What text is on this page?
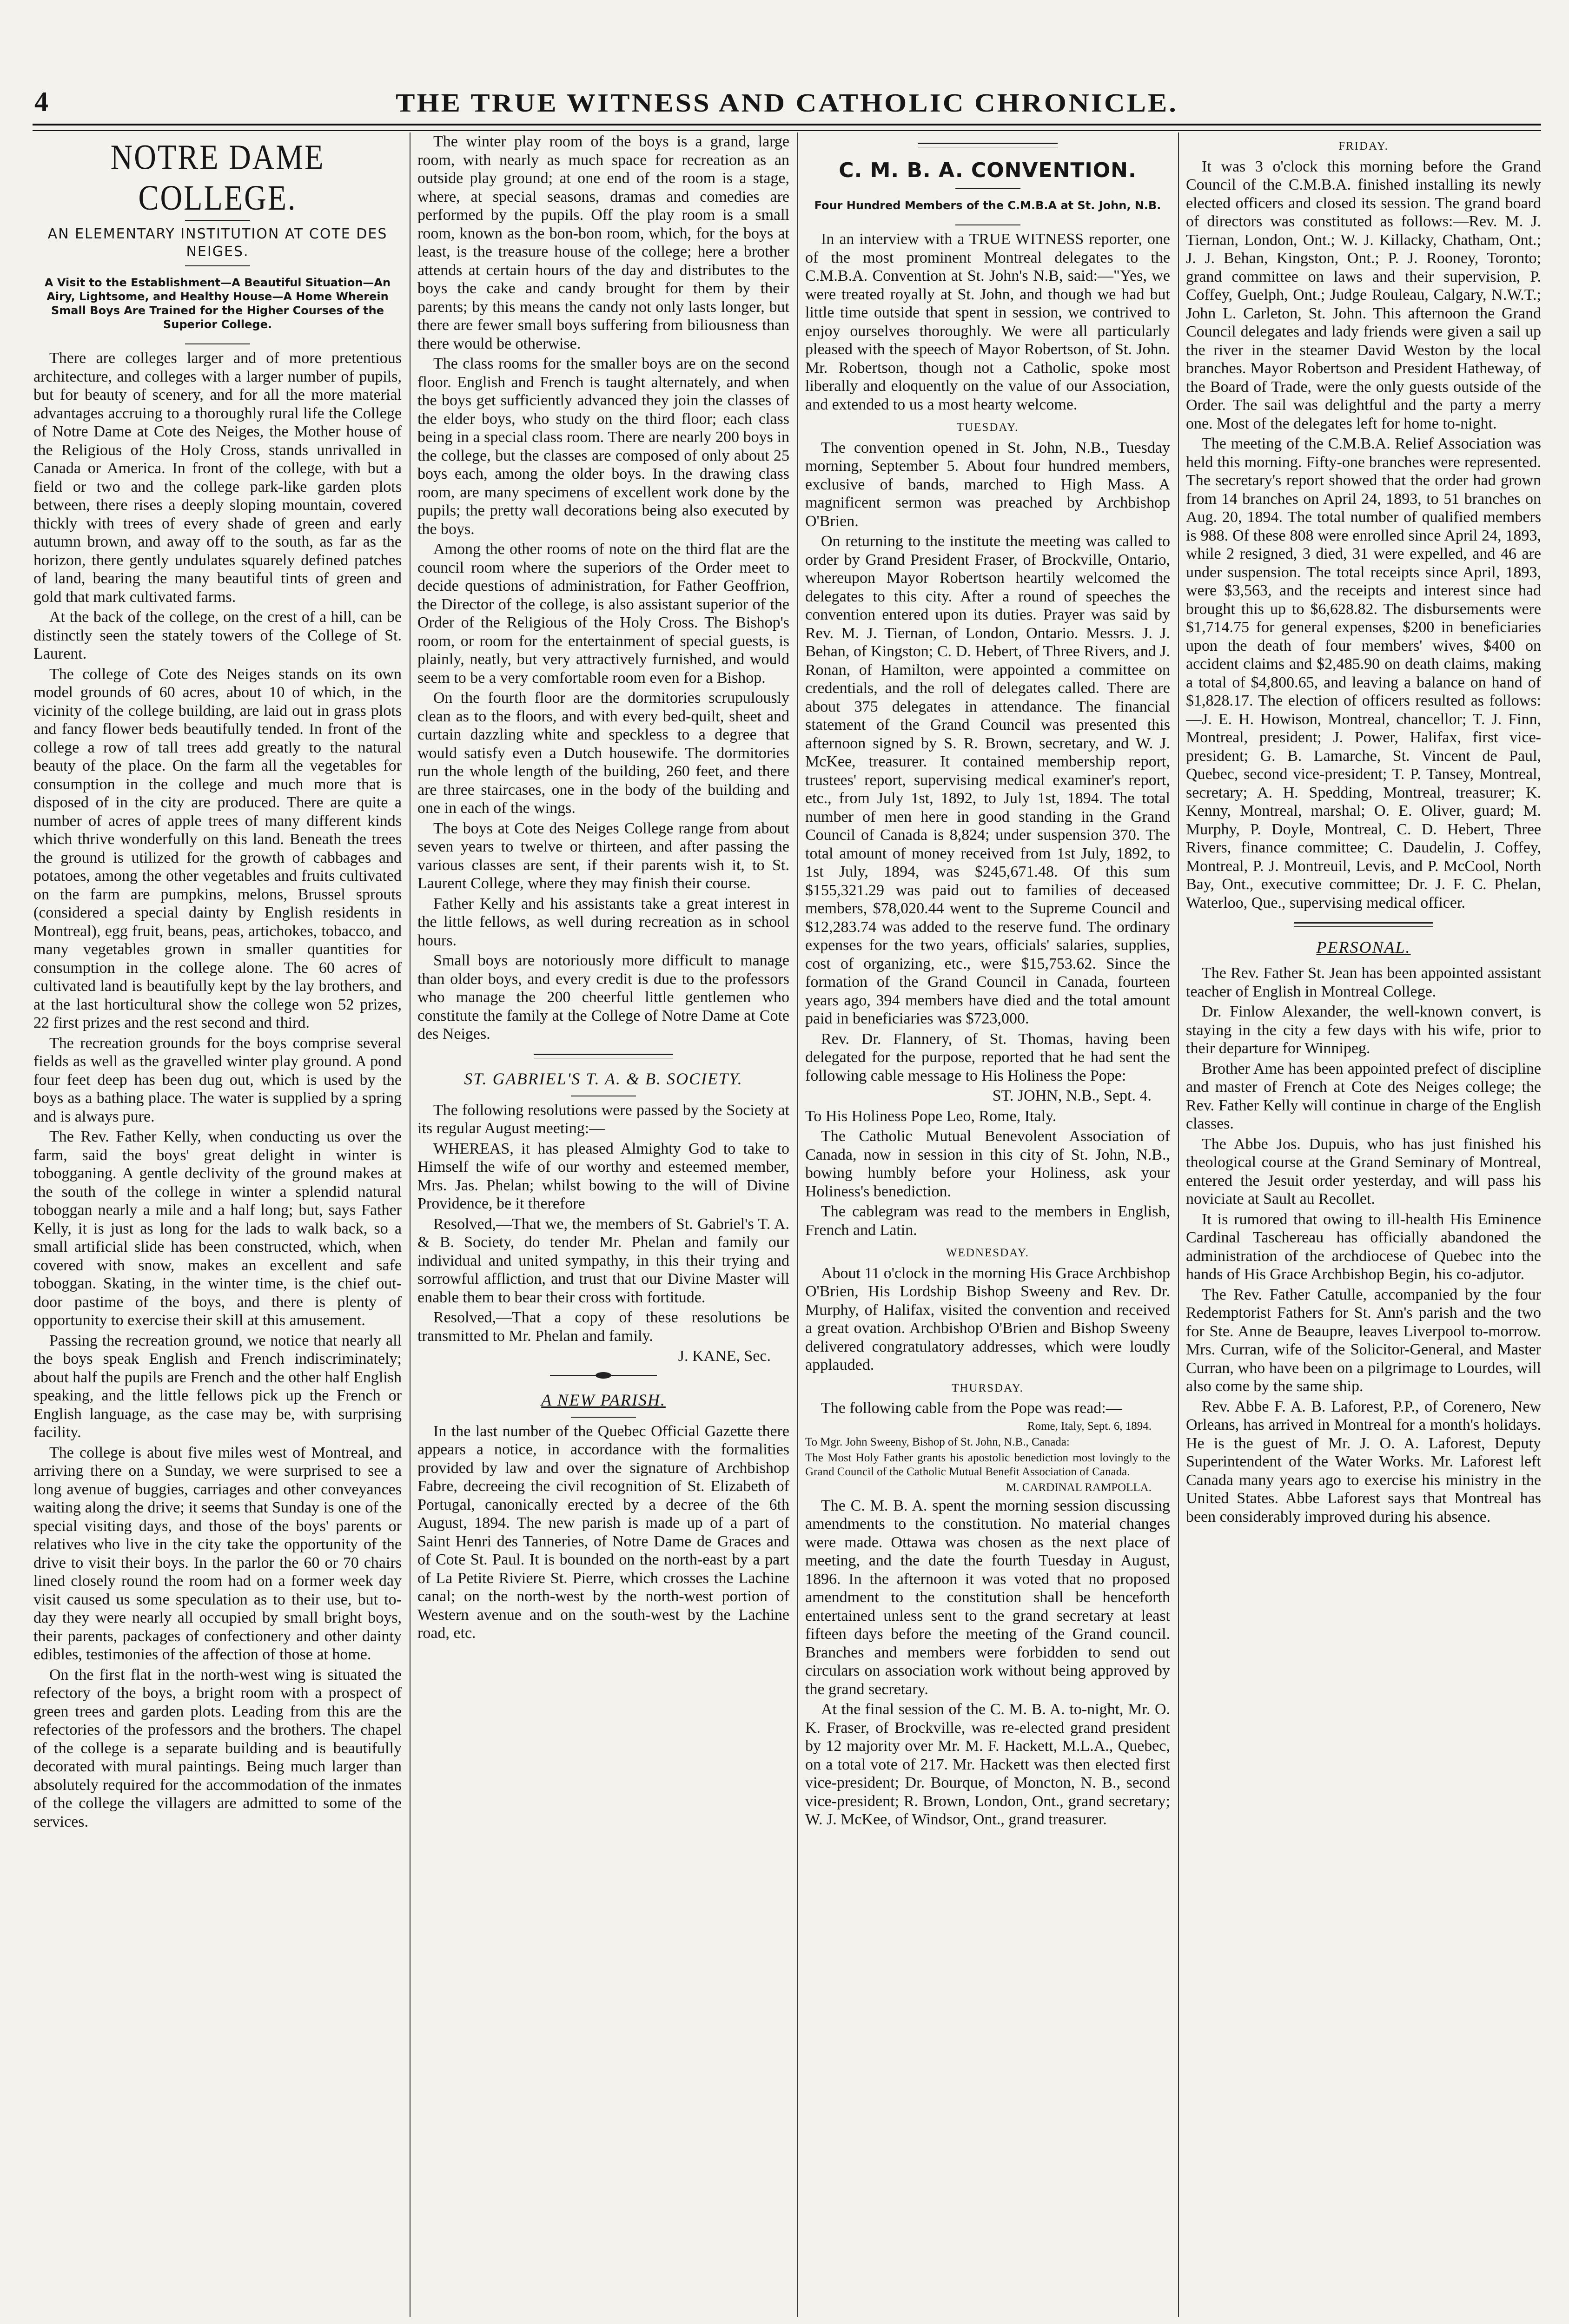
4	THE TRUE WITNESS AND CATHOLIC CHRONICLE.
NOTRE DAME COLLEGE.
AN ELEMENTARY INSTITUTION AT COTE DES NEIGES.

A Visit to the Establishment—A Beautiful Situation—An Airy, Lightsome, and Healthy House—A Home Wherein Small Boys Are Trained for the Higher Courses of the Superior College.

There are colleges larger and of more pretentious architecture, and colleges with a larger number of pupils, but for beauty of scenery, and for all the more material advantages accruing to a thoroughly rural life the College of Notre Dame at Cote des Neiges, the Mother house of the Religious of the Holy Cross, stands unrivalled in Canada or America. In front of the college, with but a field or two and the college park-like garden plots between, there rises a deeply sloping mountain, covered thickly with trees of every shade of green and early autumn brown, and away off to the south, as far as the horizon, there gently undulates squarely defined patches of land, bearing the many beautiful tints of green and gold that mark cultivated farms.

At the back of the college, on the crest of a hill, can be distinctly seen the stately towers of the College of St. Laurent.

The college of Cote des Neiges stands on its own model grounds of 60 acres, about 10 of which, in the vicinity of the college building, are laid out in grass plots and fancy flower beds beautifully tended. In front of the college a row of tall trees add greatly to the natural beauty of the place. On the farm all the vegetables for consumption in the college and much more that is disposed of in the city are produced. There are quite a number of acres of apple trees of many different kinds which thrive wonderfully on this land. Beneath the trees the ground is utilized for the growth of cabbages and potatoes, among the other vegetables and fruits cultivated on the farm are pumpkins, melons, Brussel sprouts (considered a special dainty by English residents in Montreal), egg fruit, beans, peas, artichokes, tobacco, and many vegetables grown in smaller quantities for consumption in the college alone. The 60 acres of cultivated land is beautifully kept by the lay brothers, and at the last horticultural show the college won 52 prizes, 22 first prizes and the rest second and third.

The recreation grounds for the boys comprise several fields as well as the gravelled winter play ground. A pond four feet deep has been dug out, which is used by the boys as a bathing place. The water is supplied by a spring and is always pure.

The Rev. Father Kelly, when conducting us over the farm, said the boys' great delight in winter is tobogganing. A gentle declivity of the ground makes at the south of the college in winter a splendid natural toboggan nearly a mile and a half long; but, says Father Kelly, it is just as long for the lads to walk back, so a small artificial slide has been constructed, which, when covered with snow, makes an excellent and safe toboggan. Skating, in the winter time, is the chief out-door pastime of the boys, and there is plenty of opportunity to exercise their skill at this amusement.

Passing the recreation ground, we notice that nearly all the boys speak English and French indiscriminately; about half the pupils are French and the other half English speaking, and the little fellows pick up the French or English language, as the case may be, with surprising facility.

The college is about five miles west of Montreal, and arriving there on a Sunday, we were surprised to see a long avenue of buggies, carriages and other conveyances waiting along the drive; it seems that Sunday is one of the special visiting days, and those of the boys' parents or relatives who live in the city take the opportunity of the drive to visit their boys. In the parlor the 60 or 70 chairs lined closely round the room had on a former week day visit caused us some speculation as to their use, but to-day they were nearly all occupied by small bright boys, their parents, packages of confectionery and other dainty edibles, testimonies of the affection of those at home.

On the first flat in the north-west wing is situated the refectory of the boys, a bright room with a prospect of green trees and garden plots. Leading from this are the refectories of the professors and the brothers. The chapel of the college is a separate building and is beautifully decorated with mural paintings. Being much larger than absolutely required for the accommodation of the inmates of the college the villagers are admitted to some of the services.

The winter play room of the boys is a grand, large room, with nearly as much space for recreation as an outside play ground; at one end of the room is a stage, where, at special seasons, dramas and comedies are performed by the pupils. Off the play room is a small room, known as the bon-bon room, which, for the boys at least, is the treasure house of the college; here a brother attends at certain hours of the day and distributes to the boys the cake and candy brought for them by their parents; by this means the candy not only lasts longer, but there are fewer small boys suffering from biliousness than there would be otherwise.

The class rooms for the smaller boys are on the second floor. English and French is taught alternately, and when the boys get sufficiently advanced they join the classes of the elder boys, who study on the third floor; each class being in a special class room. There are nearly 200 boys in the college, but the classes are composed of only about 25 boys each, among the older boys. In the drawing class room, are many specimens of excellent work done by the pupils; the pretty wall decorations being also executed by the boys.

Among the other rooms of note on the third flat are the council room where the superiors of the Order meet to decide questions of administration, for Father Geoffrion, the Director of the college, is also assistant superior of the Order of the Religious of the Holy Cross. The Bishop's room, or room for the entertainment of special guests, is plainly, neatly, but very attractively furnished, and would seem to be a very comfortable room even for a Bishop.

On the fourth floor are the dormitories scrupulously clean as to the floors, and with every bed-quilt, sheet and curtain dazzling white and speckless to a degree that would satisfy even a Dutch housewife. The dormitories run the whole length of the building, 260 feet, and there are three staircases, one in the body of the building and one in each of the wings.

The boys at Cote des Neiges College range from about seven years to twelve or thirteen, and after passing the various classes are sent, if their parents wish it, to St. Laurent College, where they may finish their course.

Father Kelly and his assistants take a great interest in the little fellows, as well during recreation as in school hours.

Small boys are notoriously more difficult to manage than older boys, and every credit is due to the professors who manage the 200 cheerful little gentlemen who constitute the family at the College of Notre Dame at Cote des Neiges.

ST. GABRIEL'S T. A. & B. SOCIETY.

The following resolutions were passed by the Society at its regular August meeting:—

WHEREAS, it has pleased Almighty God to take to Himself the wife of our worthy and esteemed member, Mrs. Jas. Phelan; whilst bowing to the will of Divine Providence, be it therefore

Resolved,—That we, the members of St. Gabriel's T. A. & B. Society, do tender Mr. Phelan and family our individual and united sympathy, in this their trying and sorrowful affliction, and trust that our Divine Master will enable them to bear their cross with fortitude.

Resolved,—That a copy of these resolutions be transmitted to Mr. Phelan and family.

J. KANE, Sec.

A NEW PARISH.

In the last number of the Quebec Official Gazette there appears a notice, in accordance with the formalities provided by law and over the signature of Archbishop Fabre, decreeing the civil recognition of St. Elizabeth of Portugal, canonically erected by a decree of the 6th August, 1894. The new parish is made up of a part of Saint Henri des Tanneries, of Notre Dame de Graces and of Cote St. Paul. It is bounded on the north-east by a part of La Petite Riviere St. Pierre, which crosses the Lachine canal; on the north-west by the north-west portion of Western avenue and on the south-west by the Lachine road, etc.

C. M. B. A. CONVENTION.

Four Hundred Members of the C.M.B.A at St. John, N.B.

In an interview with a TRUE WITNESS reporter, one of the most prominent Montreal delegates to the C.M.B.A. Convention at St. John's N.B, said:—"Yes, we were treated royally at St. John, and though we had but little time outside that spent in session, we contrived to enjoy ourselves thoroughly. We were all particularly pleased with the speech of Mayor Robertson, of St. John. Mr. Robertson, though not a Catholic, spoke most liberally and eloquently on the value of our Association, and extended to us a most hearty welcome.

TUESDAY.

The convention opened in St. John, N.B., Tuesday morning, September 5. About four hundred members, exclusive of bands, marched to High Mass. A magnificent sermon was preached by Archbishop O'Brien.

On returning to the institute the meeting was called to order by Grand President Fraser, of Brockville, Ontario, whereupon Mayor Robertson heartily welcomed the delegates to this city. After a round of speeches the convention entered upon its duties. Prayer was said by Rev. M. J. Tiernan, of London, Ontario. Messrs. J. J. Behan, of Kingston; C. D. Hebert, of Three Rivers, and J. Ronan, of Hamilton, were appointed a committee on credentials, and the roll of delegates called. There are about 375 delegates in attendance. The financial statement of the Grand Council was presented this afternoon signed by S. R. Brown, secretary, and W. J. McKee, treasurer. It contained membership report, trustees' report, supervising medical examiner's report, etc., from July 1st, 1892, to July 1st, 1894. The total number of men here in good standing in the Grand Council of Canada is 8,824; under suspension 370. The total amount of money received from 1st July, 1892, to 1st July, 1894, was $245,671.48. Of this sum $155,321.29 was paid out to families of deceased members, $78,020.44 went to the Supreme Council and $12,283.74 was added to the reserve fund. The ordinary expenses for the two years, officials' salaries, supplies, cost of organizing, etc., were $15,753.62. Since the formation of the Grand Council in Canada, fourteen years ago, 394 members have died and the total amount paid in beneficiaries was $723,000.

Rev. Dr. Flannery, of St. Thomas, having been delegated for the purpose, reported that he had sent the following cable message to His Holiness the Pope:

ST. JOHN, N.B., Sept. 4.

To His Holiness Pope Leo, Rome, Italy.

The Catholic Mutual Benevolent Association of Canada, now in session in this city of St. John, N.B., bowing humbly before your Holiness, ask your Holiness's benediction.

The cablegram was read to the members in English, French and Latin.

WEDNESDAY.

About 11 o'clock in the morning His Grace Archbishop O'Brien, His Lordship Bishop Sweeny and Rev. Dr. Murphy, of Halifax, visited the convention and received a great ovation. Archbishop O'Brien and Bishop Sweeny delivered congratulatory addresses, which were loudly applauded.

THURSDAY.

The following cable from the Pope was read:—

Rome, Italy, Sept. 6, 1894.

To Mgr. John Sweeny, Bishop of St. John, N.B., Canada:

The Most Holy Father grants his apostolic benediction most lovingly to the Grand Council of the Catholic Mutual Benefit Association of Canada.

M. CARDINAL RAMPOLLA.

The C. M. B. A. spent the morning session discussing amendments to the constitution. No material changes were made. Ottawa was chosen as the next place of meeting, and the date the fourth Tuesday in August, 1896. In the afternoon it was voted that no proposed amendment to the constitution shall be henceforth entertained unless sent to the grand secretary at least fifteen days before the meeting of the Grand council. Branches and members were forbidden to send out circulars on association work without being approved by the grand secretary.

At the final session of the C. M. B. A. to-night, Mr. O. K. Fraser, of Brockville, was re-elected grand president by 12 majority over Mr. M. F. Hackett, M.L.A., Quebec, on a total vote of 217. Mr. Hackett was then elected first vice-president; Dr. Bourque, of Moncton, N. B., second vice-president; R. Brown, London, Ont., grand secretary; W. J. McKee, of Windsor, Ont., grand treasurer.

FRIDAY.

It was 3 o'clock this morning before the Grand Council of the C.M.B.A. finished installing its newly elected officers and closed its session. The grand board of directors was constituted as follows:—Rev. M. J. Tiernan, London, Ont.; W. J. Killacky, Chatham, Ont.; J. J. Behan, Kingston, Ont.; P. J. Rooney, Toronto; grand committee on laws and their supervision, P. Coffey, Guelph, Ont.; Judge Rouleau, Calgary, N.W.T.; John L. Carleton, St. John. This afternoon the Grand Council delegates and lady friends were given a sail up the river in the steamer David Weston by the local branches. Mayor Robertson and President Hatheway, of the Board of Trade, were the only guests outside of the Order. The sail was delightful and the party a merry one. Most of the delegates left for home to-night.

The meeting of the C.M.B.A. Relief Association was held this morning. Fifty-one branches were represented. The secretary's report showed that the order had grown from 14 branches on April 24, 1893, to 51 branches on Aug. 20, 1894. The total number of qualified members is 988. Of these 808 were enrolled since April 24, 1893, while 2 resigned, 3 died, 31 were expelled, and 46 are under suspension. The total receipts since April, 1893, were $3,563, and the receipts and interest since had brought this up to $6,628.82. The disbursements were $1,714.75 for general expenses, $200 in beneficiaries upon the death of four members' wives, $400 on accident claims and $2,485.90 on death claims, making a total of $4,800.65, and leaving a balance on hand of $1,828.17. The election of officers resulted as follows:—J. E. H. Howison, Montreal, chancellor; T. J. Finn, Montreal, president; J. Power, Halifax, first vice-president; G. B. Lamarche, St. Vincent de Paul, Quebec, second vice-president; T. P. Tansey, Montreal, secretary; A. H. Spedding, Montreal, treasurer; K. Kenny, Montreal, marshal; O. E. Oliver, guard; M. Murphy, P. Doyle, Montreal, C. D. Hebert, Three Rivers, finance committee; C. Daudelin, J. Coffey, Montreal, P. J. Montreuil, Levis, and P. McCool, North Bay, Ont., executive committee; Dr. J. F. C. Phelan, Waterloo, Que., supervising medical officer.

PERSONAL.

The Rev. Father St. Jean has been appointed assistant teacher of English in Montreal College.

Dr. Finlow Alexander, the well-known convert, is staying in the city a few days with his wife, prior to their departure for Winnipeg.

Brother Ame has been appointed prefect of discipline and master of French at Cote des Neiges college; the Rev. Father Kelly will continue in charge of the English classes.

The Abbe Jos. Dupuis, who has just finished his theological course at the Grand Seminary of Montreal, entered the Jesuit order yesterday, and will pass his noviciate at Sault au Recollet.

It is rumored that owing to ill-health His Eminence Cardinal Taschereau has officially abandoned the administration of the archdiocese of Quebec into the hands of His Grace Archbishop Begin, his co-adjutor.

The Rev. Father Catulle, accompanied by the four Redemptorist Fathers for St. Ann's parish and the two for Ste. Anne de Beaupre, leaves Liverpool to-morrow. Mrs. Curran, wife of the Solicitor-General, and Master Curran, who have been on a pilgrimage to Lourdes, will also come by the same ship.

Rev. Abbe F. A. B. Laforest, P.P., of Corenero, New Orleans, has arrived in Montreal for a month's holidays. He is the guest of Mr. J. O. A. Laforest, Deputy Superintendent of the Water Works. Mr. Laforest left Canada many years ago to exercise his ministry in the United States. Abbe Laforest says that Montreal has been considerably improved during his absence.
